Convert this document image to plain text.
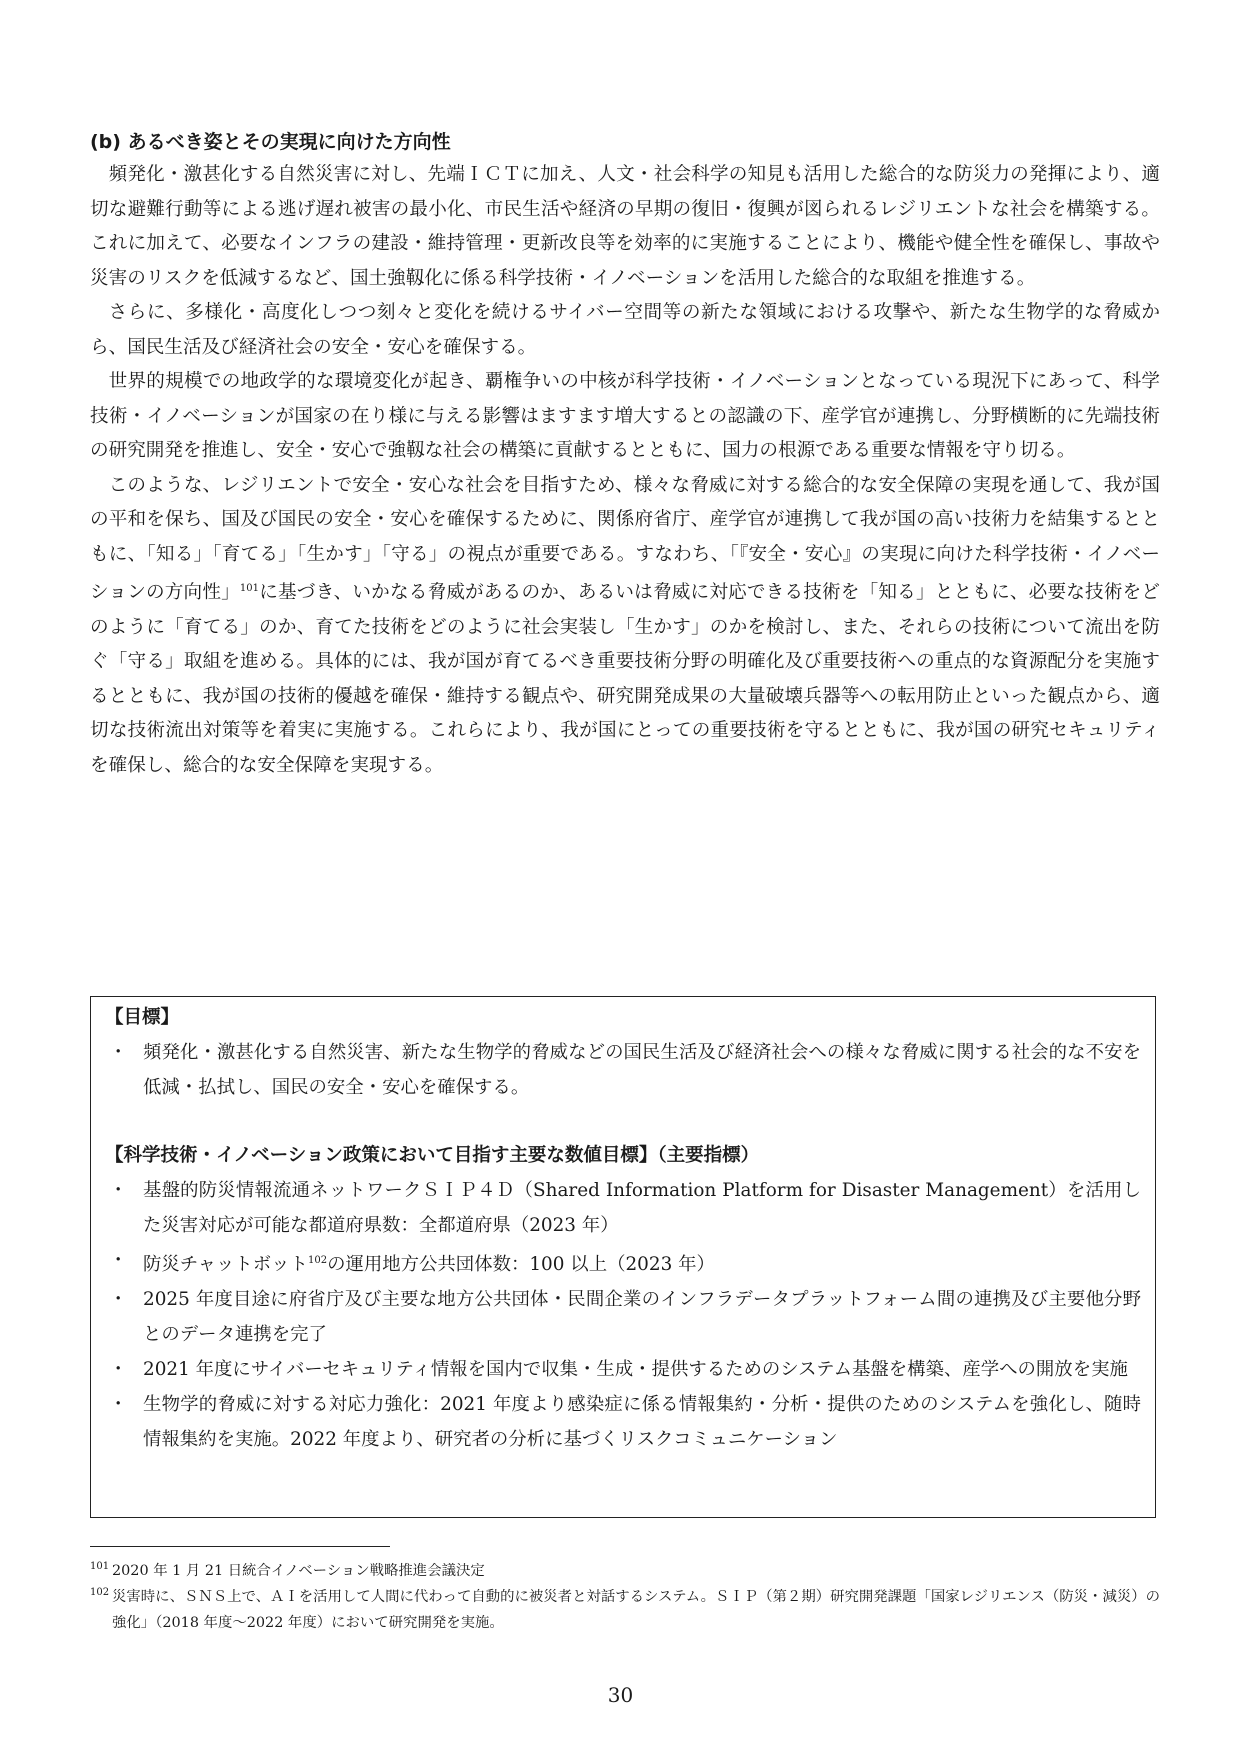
(b) あるべき姿とその実現に向けた方向性

頻発化・激甚化する自然災害に対し、先端ＩＣＴに加え、人文・社会科学の知見も活用した総合的な防災力の発揮により、適切な避難行動等による逃げ遅れ被害の最小化、市民生活や経済の早期の復旧・復興が図られるレジリエントな社会を構築する。これに加えて、必要なインフラの建設・維持管理・更新改良等を効率的に実施することにより、機能や健全性を確保し、事故や災害のリスクを低減するなど、国土強靱化に係る科学技術・イノベーションを活用した総合的な取組を推進する。

さらに、多様化・高度化しつつ刻々と変化を続けるサイバー空間等の新たな領域における攻撃や、新たな生物学的な脅威から、国民生活及び経済社会の安全・安心を確保する。

世界的規模での地政学的な環境変化が起き、覇権争いの中核が科学技術・イノベーションとなっている現況下にあって、科学技術・イノベーションが国家の在り様に与える影響はますます増大するとの認識の下、産学官が連携し、分野横断的に先端技術の研究開発を推進し、安全・安心で強靱な社会の構築に貢献するとともに、国力の根源である重要な情報を守り切る。

このような、レジリエントで安全・安心な社会を目指すため、様々な脅威に対する総合的な安全保障の実現を通して、我が国の平和を保ち、国及び国民の安全・安心を確保するために、関係府省庁、産学官が連携して我が国の高い技術力を結集するとともに、「知る」「育てる」「生かす」「守る」の視点が重要である。すなわち、「『安全・安心』の実現に向けた科学技術・イノベーションの方向性」$^{101}$に基づき、いかなる脅威があるのか、あるいは脅威に対応できる技術を「知る」とともに、必要な技術をどのように「育てる」のか、育てた技術をどのように社会実装し「生かす」のかを検討し、また、それらの技術について流出を防ぐ「守る」取組を進める。具体的には、我が国が育てるべき重要技術分野の明確化及び重要技術への重点的な資源配分を実施するとともに、我が国の技術的優越を確保・維持する観点や、研究開発成果の大量破壊兵器等への転用防止といった観点から、適切な技術流出対策等を着実に実施する。これらにより、我が国にとっての重要技術を守るとともに、我が国の研究セキュリティを確保し、総合的な安全保障を実現する。

【目標】

・ 頻発化・激甚化する自然災害、新たな生物学的脅威などの国民生活及び経済社会への様々な脅威に関する社会的な不安を低減・払拭し、国民の安全・安心を確保する。

【科学技術・イノベーション政策において目指す主要な数値目標】（主要指標）

・ 基盤的防災情報流通ネットワークＳＩＰ４Ｄ（Shared Information Platform for Disaster Management）を活用した災害対応が可能な都道府県数：全都道府県（2023 年）
・ 防災チャットボット$^{102}$の運用地方公共団体数：100 以上（2023 年）
・ 2025 年度目途に府省庁及び主要な地方公共団体・民間企業のインフラデータプラットフォーム間の連携及び主要他分野とのデータ連携を完了
・ 2021 年度にサイバーセキュリティ情報を国内で収集・生成・提供するためのシステム基盤を構築、産学への開放を実施
・ 生物学的脅威に対する対応力強化：2021 年度より感染症に係る情報集約・分析・提供のためのシステムを強化し、随時情報集約を実施。2022 年度より、研究者の分析に基づくリスクコミュニケーション
101 2020 年 1 月 21 日統合イノベーション戦略推進会議決定
102 災害時に、ＳＮＳ上で、ＡＩを活用して人間に代わって自動的に被災者と対話するシステム。ＳＩＰ（第２期）研究開発課題「国家レジリエンス（防災・減災）の強化」（2018 年度～2022 年度）において研究開発を実施。
30
